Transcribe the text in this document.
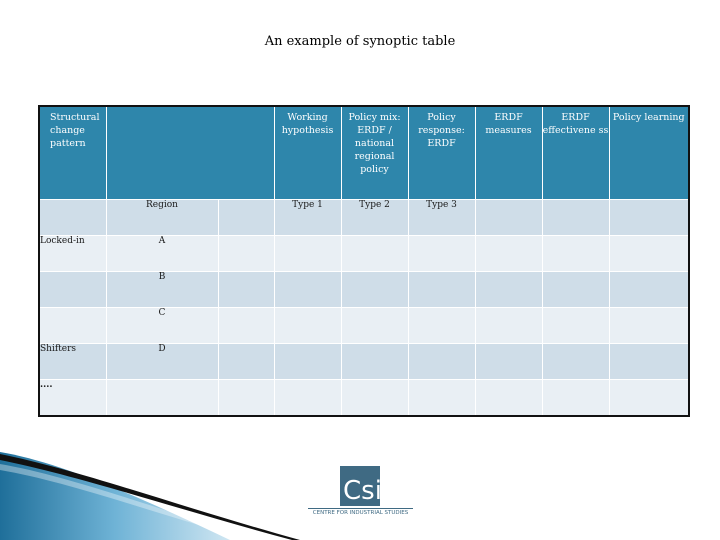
An example of synoptic table
Structural change pattern			Working hypothesis	Policy mix: ERDF / national regional policy	Policy response: ERDF	ERDF measures	ERDF effectivene ss	Policy learning
	Region		Type 1	Type 2	Type 3			
Locked-in	A							
	B							
	C							
Shifters	D							
....								
Csil
CENTRE FOR INDUSTRIAL STUDIES
